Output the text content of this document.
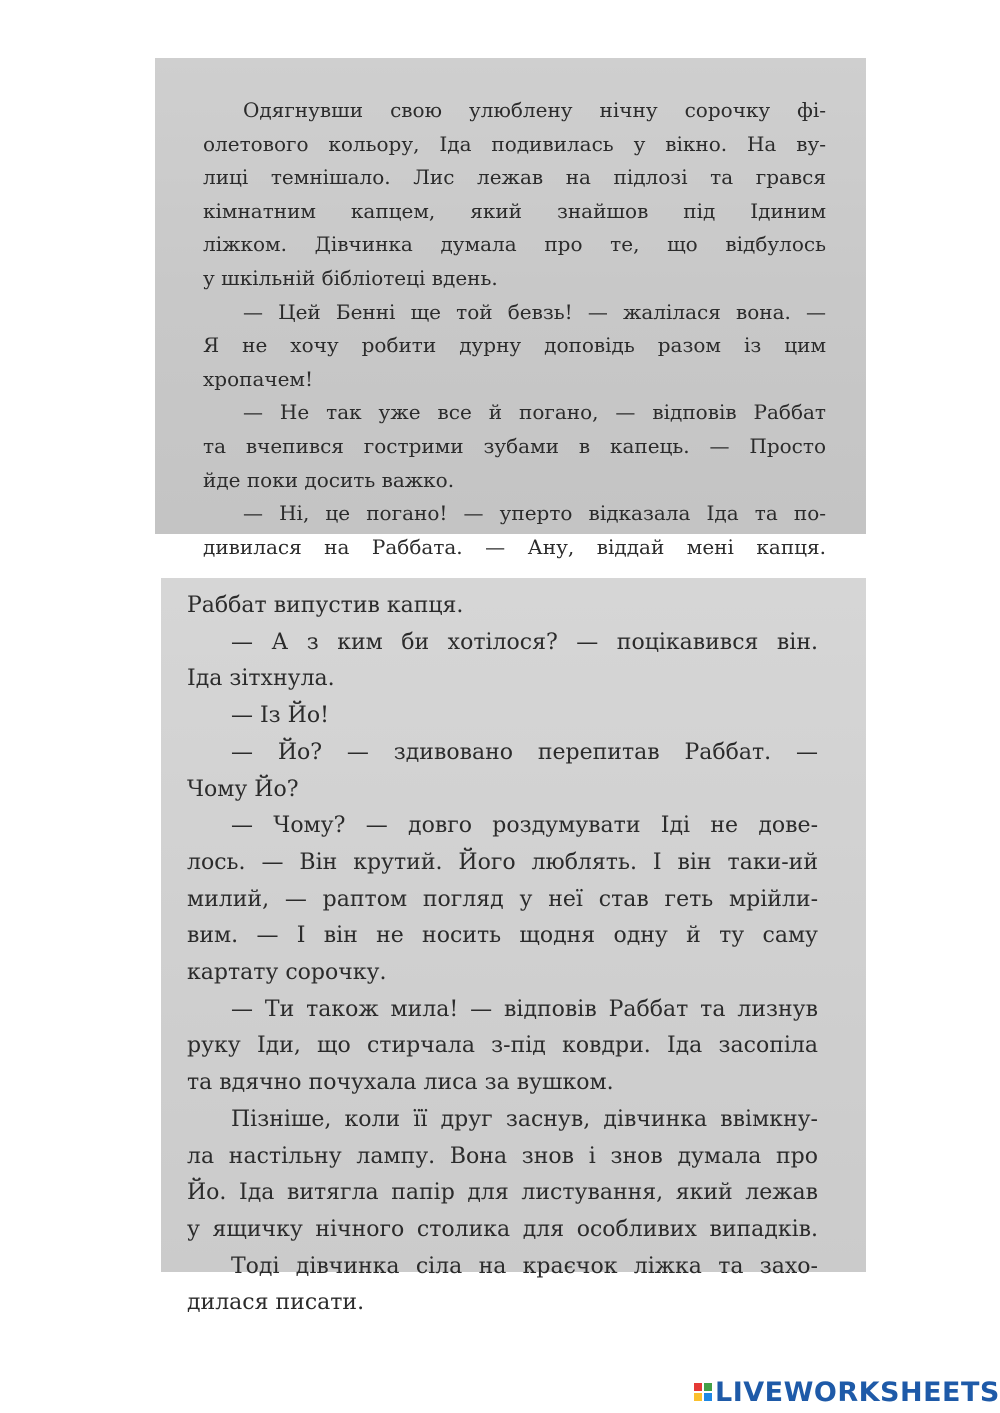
Одягнувши свою улюблену нічну сорочку фі-
олетового кольору, Іда подивилась у вікно. На ву-
лиці темнішало. Лис лежав на підлозі та грався
кімнатним капцем, який знайшов під Ідиним
ліжком. Дівчинка думала про те, що відбулось
у шкільній бібліотеці вдень.
— Цей Бенні ще той бевзь! — жалілася вона. —
Я не хочу робити дурну доповідь разом із цим
хропачем!
— Не так уже все й погано, — відповів Раббат
та вчепився гострими зубами в капець. — Просто
йде поки досить важко.
— Ні, це погано! — уперто відказала Іда та по-
дивилася на Раббата. — Ану, віддай мені капця.
Раббат випустив капця.
— А з ким би хотілося? — поцікавився він.
Іда зітхнула.
— Із Йо!
— Йо? — здивовано перепитав Раббат. —
Чому Йо?
— Чому? — довго роздумувати Іді не дове-
лось. — Він крутий. Його люблять. І він таки-ий
милий, — раптом погляд у неї став геть мрійли-
вим. — І він не носить щодня одну й ту саму
картату сорочку.
— Ти також мила! — відповів Раббат та лизнув
руку Іди, що стирчала з-під ковдри. Іда засопіла
та вдячно почухала лиса за вушком.
Пізніше, коли її друг заснув, дівчинка ввімкну-
ла настільну лампу. Вона знов і знов думала про
Йо. Іда витягла папір для листування, який лежав
у ящичку нічного столика для особливих випадків.
Тоді дівчинка сіла на краєчок ліжка та захо-
дилася писати.
LIVEWORKSHEETS
